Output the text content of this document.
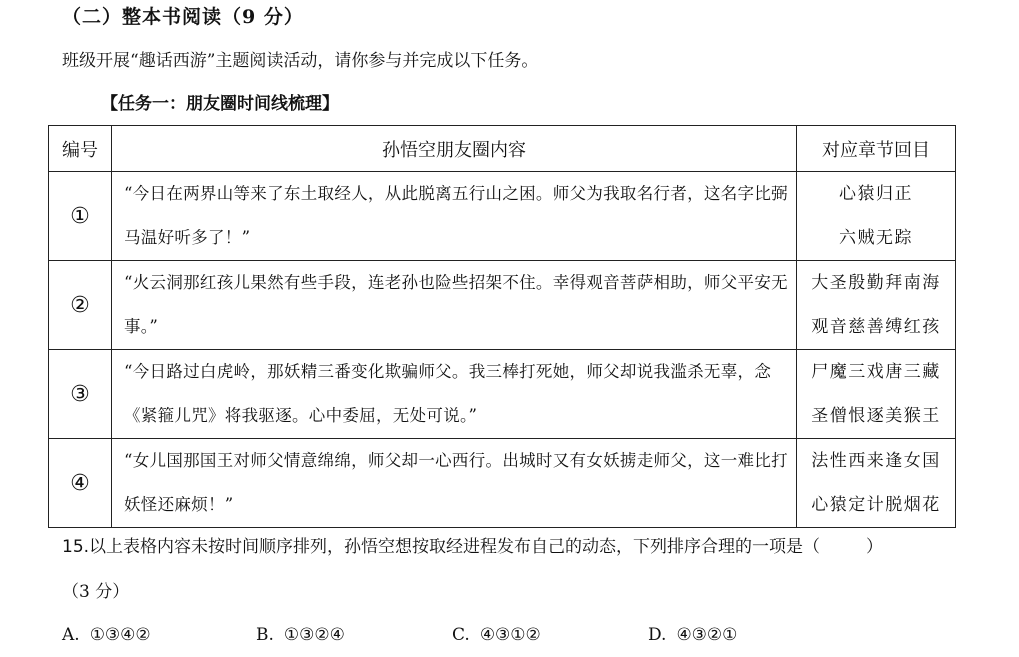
（二）整本书阅读（9 分）
班级开展“趣话西游”主题阅读活动，请你参与并完成以下任务。
【任务一：朋友圈时间线梳理】
编号	孙悟空朋友圈内容	对应章节回目
①	“今日在两界山等来了东土取经人，从此脱离五行山之困。师父为我取名行者，这名字比弼马温好听多了！”	心猿归正
六贼无踪

②	“火云洞那红孩儿果然有些手段，连老孙也险些招架不住。幸得观音菩萨相助，师父平安无事。”	大圣殷勤拜南海
观音慈善缚红孩

③	“今日路过白虎岭，那妖精三番变化欺骗师父。我三棒打死她，师父却说我滥杀无辜，念《紧箍儿咒》将我驱逐。心中委屈，无处可说。”	尸魔三戏唐三藏
圣僧恨逐美猴王

④	“女儿国那国王对师父情意绵绵，师父却一心西行。出城时又有女妖掳走师父，这一难比打妖怪还麻烦！”	法性西来逢女国
心猿定计脱烟花
15.以上表格内容未按时间顺序排列，孙悟空想按取经进程发布自己的动态，下列排序合理的一项是（	）
（3 分）
A. ①③④②	B. ①③②④	C. ④③①②	D. ④③②①
